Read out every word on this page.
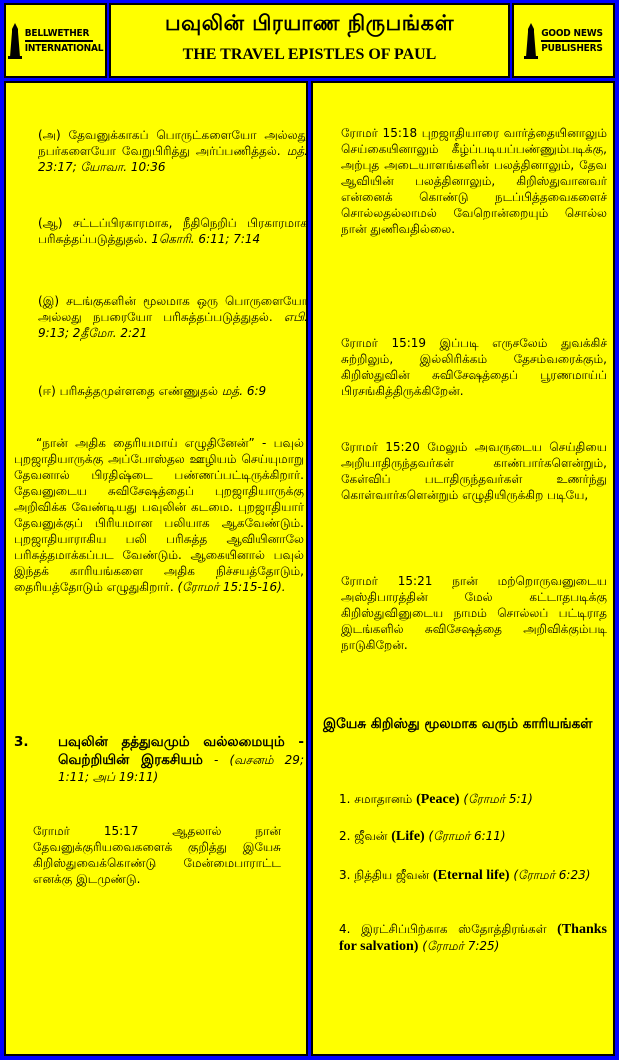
BELLWETHER
INTERNATIONAL
பவுலின் பிரயாண நிருபங்கள்
THE TRAVEL EPISTLES OF PAUL
GOOD NEWS
PUBLISHERS
(அ) தேவனுக்காகப் பொருட்களையோ அல்லது நபர்களையோ வேறுபிரித்து அர்ப்பணித்தல். மத். 23:17; யோவா. 10:36
(ஆ) சட்டப்பிரகாரமாக, நீதிநெறிப் பிரகாரமாக பரிசுத்தப்படுத்துதல். 1கொரி. 6:11; 7:14
(இ) சடங்குகளின் மூலமாக ஒரு பொருளையோ அல்லது நபரையோ பரிசுத்தப்படுத்துதல். எபி. 9:13; 2தீமோ. 2:21
(ஈ) பரிசுத்தமுள்ளதை எண்ணுதல் மத். 6:9
“நான் அதிக தைரியமாய் எழுதினேன்” - பவுல் புறஜாதியாருக்கு அப்போஸ்தல ஊழியம் செய்யுமாறு தேவனால் பிரதிஷ்டை பண்ணப்பட்டிருக்கிறார். தேவனுடைய சுவிசேஷத்தைப் புறஜாதியாருக்கு அறிவிக்க வேண்டியது பவுலின் கடமை. புறஜாதியார் தேவனுக்குப் பிரியமான பலியாக ஆகவேண்டும். புறஜாதியாராகிய பலி பரிசுத்த ஆவியினாலே பரிசுத்தமாக்கப்பட வேண்டும். ஆகையினால் பவுல் இந்தக் காரியங்களை அதிக நிச்சயத்தோடும், தைரியத்தோடும் எழுதுகிறார். (ரோமர் 15:15-16).
3.	பவுலின் தத்துவமும் வல்லமையும் - வெற்றியின் இரகசியம் - (வசனம் 29; 1:11; அப் 19:11)
ரோமர் 15:17 ஆதலால் நான் தேவனுக்குரியவைகளைக் குறித்து இயேசு கிறிஸ்துவைக்கொண்டு மேன்மைபாராட்ட எனக்கு இடமுண்டு.
ரோமர் 15:18 புறஜாதியாரை வார்த்தையினாலும் செய்கையினாலும் கீழ்ப்படியப்பண்ணும்படிக்கு, அற்புத அடையாளங்களின் பலத்தினாலும், தேவ ஆவியின் பலத்தினாலும், கிறிஸ்துவானவர் என்னைக் கொண்டு நடப்பித்தவைகளைச் சொல்லதல்லாமல் வேறொன்றையும் சொல்ல நான் துணிவதில்லை.
ரோமர் 15:19 இப்படி எருசலேம் துவக்கிச் சுற்றிலும், இல்லிரிக்கம் தேசம்வரைக்கும், கிறிஸ்துவின் சுவிசேஷத்தைப் பூரணமாய்ப் பிரசங்கித்திருக்கிறேன்.
ரோமர் 15:20 மேலும் அவருடைய செய்தியை அறியாதிருந்தவர்கள் காண்பார்களென்றும், கேள்விப் படாதிருந்தவர்கள் உணர்ந்து கொள்வார்களென்றும் எழுதியிருக்கிற படியே,
ரோமர் 15:21 நான் மற்றொருவனுடைய அஸ்திபாரத்தின் மேல் கட்டாதபடிக்கு கிறிஸ்துவினுடைய நாமம் சொல்லப் பட்டிராத இடங்களில் சுவிசேஷத்தை அறிவிக்கும்படி நாடுகிறேன்.
இயேசு கிறிஸ்து மூலமாக வரும் காரியங்கள்
1. சமாதானம் (Peace) (ரோமர் 5:1)
2. ஜீவன் (Life) (ரோமர் 6:11)
3. நித்திய ஜீவன் (Eternal life) (ரோமர் 6:23)
4. இரட்சிப்பிற்காக ஸ்தோத்திரங்கள் (Thanks for salvation) (ரோமர் 7:25)
